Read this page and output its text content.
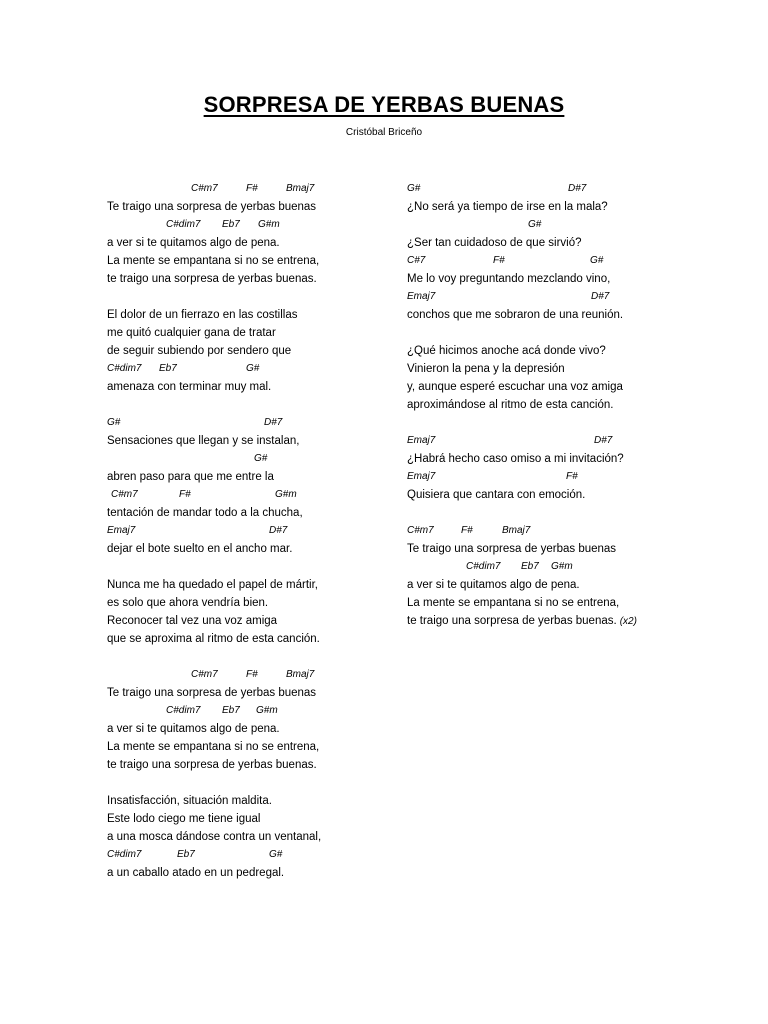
SORPRESA DE YERBAS BUENAS
Cristóbal Briceño
C#m7	F#	Bmaj7
Te traigo una sorpresa de yerbas buenas
C#dim7 Eb7 G#m
a ver si te quitamos algo de pena.
La mente se empantana si no se entrena,
te traigo una sorpresa de yerbas buenas.
El dolor de un fierrazo en las costillas
me quitó cualquier gana de tratar
de seguir subiendo por sendero que
C#dim7 Eb7	G#
amenaza con terminar muy mal.
G#	D#7
Sensaciones que llegan y se instalan,
G#
abren paso para que me entre la
C#m7	F#	G#m
tentación de mandar todo a la chucha,
Emaj7	D#7
dejar el bote suelto en el ancho mar.
Nunca me ha quedado el papel de mártir,
es solo que ahora vendría bien.
Reconocer tal vez una voz amiga
que se aproxima al ritmo de esta canción.
C#m7	F#	Bmaj7
Te traigo una sorpresa de yerbas buenas
C#dim7 Eb7 G#m
a ver si te quitamos algo de pena.
La mente se empantana si no se entrena,
te traigo una sorpresa de yerbas buenas.
Insatisfacción, situación maldita.
Este lodo ciego me tiene igual
a una mosca dándose contra un ventanal,
C#dim7	Eb7	G#
a un caballo atado en un pedregal.
G#	D#7
¿No será ya tiempo de irse en la mala?
G#
¿Ser tan cuidadoso de que sirvió?
C#7	F#	G#
Me lo voy preguntando mezclando vino,
Emaj7	D#7
conchos que me sobraron de una reunión.
¿Qué hicimos anoche acá donde vivo?
Vinieron la pena y la depresión
y, aunque esperé escuchar una voz amiga
aproximándose al ritmo de esta canción.
Emaj7	D#7
¿Habrá hecho caso omiso a mi invitación?
Emaj7	F#
Quisiera que cantara con emoción.
C#m7	F#	Bmaj7
Te traigo una sorpresa de yerbas buenas
C#dim7 Eb7 G#m
a ver si te quitamos algo de pena.
La mente se empantana si no se entrena,
te traigo una sorpresa de yerbas buenas. (x2)
